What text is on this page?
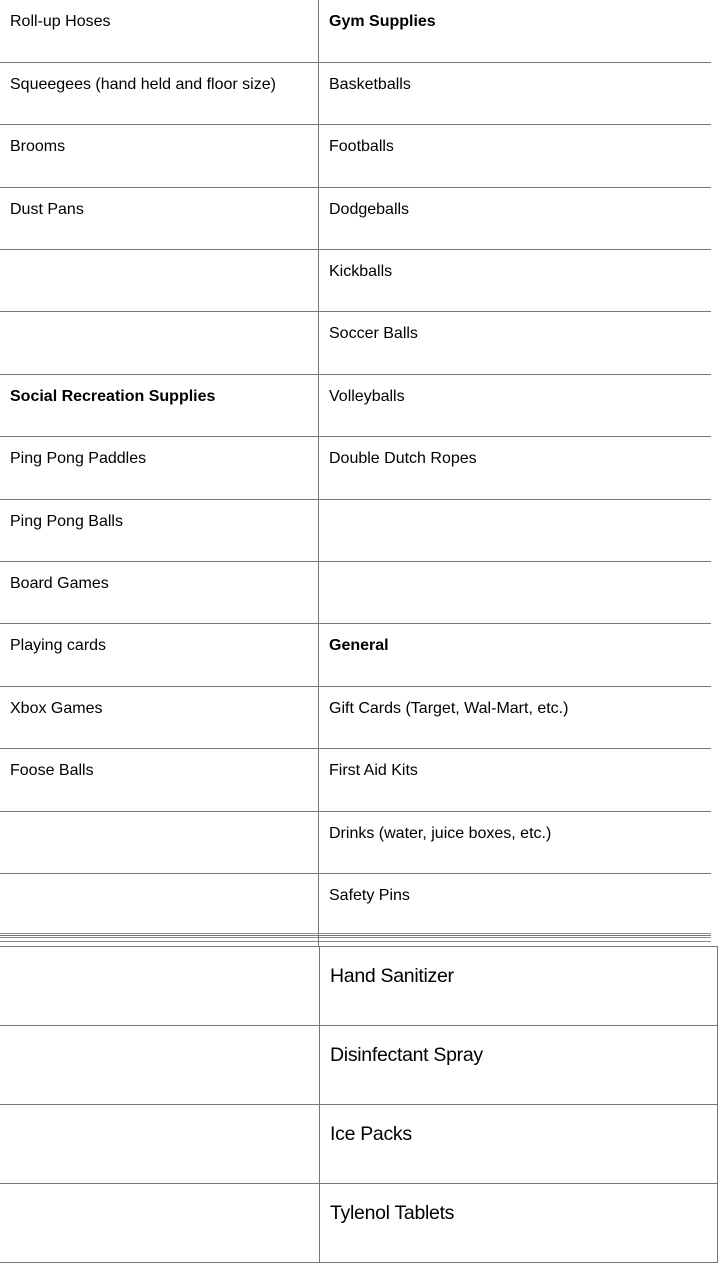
Roll-up Hoses	Gym Supplies
Squeegees (hand held and floor size)	Basketballs
Brooms	Footballs
Dust Pans	Dodgeballs
	Kickballs
	Soccer Balls
Social Recreation Supplies	Volleyballs
Ping Pong Paddles	Double Dutch Ropes
Ping Pong Balls	
Board Games	
Playing cards	General
Xbox Games	Gift Cards (Target, Wal-Mart, etc.)
Foose Balls	First Aid Kits
	Drinks (water, juice boxes, etc.)
	Safety Pins
	Hand Sanitizer
	Disinfectant Spray
	Ice Packs
	Tylenol Tablets
